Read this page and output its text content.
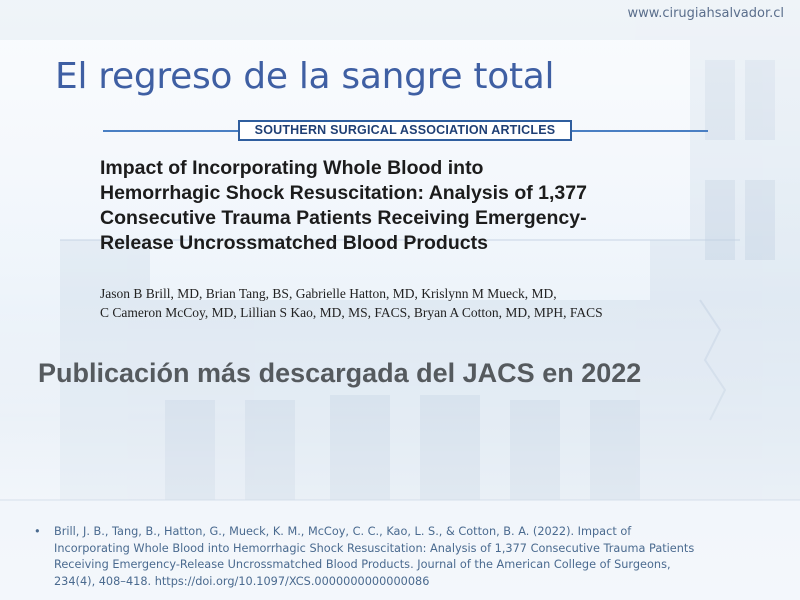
www.cirugiahsalvador.cl
El regreso de la sangre total
SOUTHERN SURGICAL ASSOCIATION ARTICLES
Impact of Incorporating Whole Blood into
Hemorrhagic Shock Resuscitation: Analysis of 1,377
Consecutive Trauma Patients Receiving Emergency-
Release Uncrossmatched Blood Products
Jason B Brill, MD, Brian Tang, BS, Gabrielle Hatton, MD, Krislynn M Mueck, MD,
C Cameron McCoy, MD, Lillian S Kao, MD, MS, FACS, Bryan A Cotton, MD, MPH, FACS
Publicación más descargada del JACS en 2022
• Brill, J. B., Tang, B., Hatton, G., Mueck, K. M., McCoy, C. C., Kao, L. S., & Cotton, B. A. (2022). Impact of
Incorporating Whole Blood into Hemorrhagic Shock Resuscitation: Analysis of 1,377 Consecutive Trauma Patients
Receiving Emergency-Release Uncrossmatched Blood Products. Journal of the American College of Surgeons,
234(4), 408–418. https://doi.org/10.1097/XCS.0000000000000086
